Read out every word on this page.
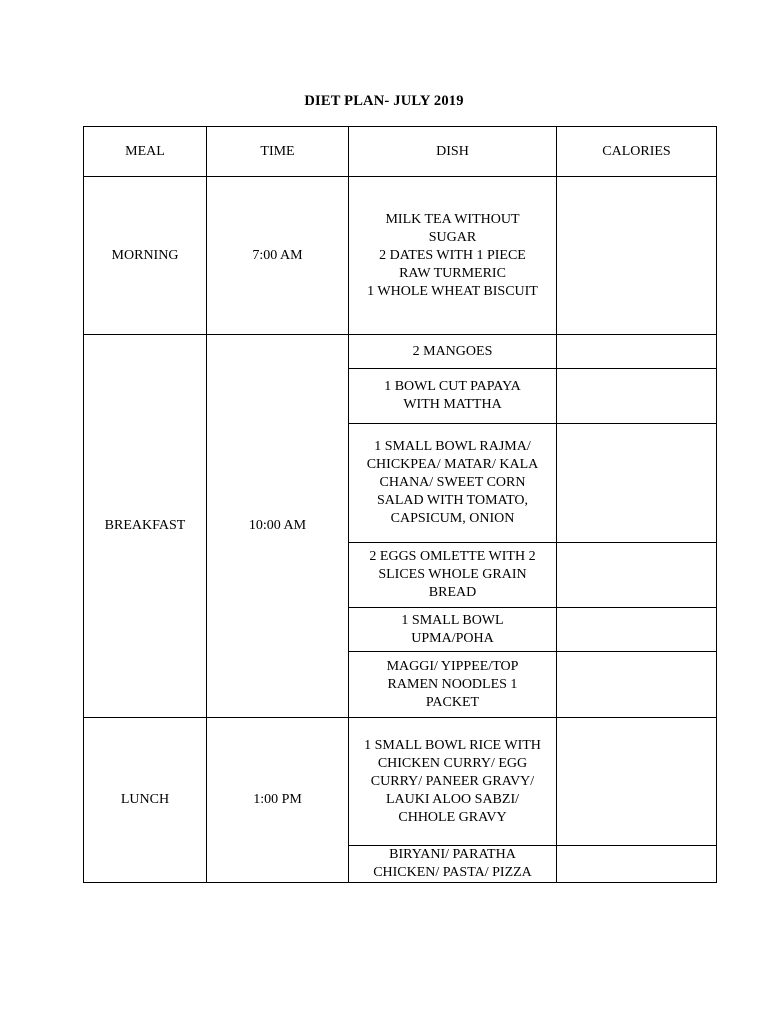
DIET PLAN- JULY 2019
MEAL	TIME	DISH	CALORIES
MORNING	7:00 AM	MILK TEA WITHOUT
SUGAR
2 DATES WITH 1 PIECE
RAW TURMERIC
1 WHOLE WHEAT BISCUIT	
BREAKFAST	10:00 AM	2 MANGOES	
		1 BOWL CUT PAPAYA
WITH MATTHA	
		1 SMALL BOWL RAJMA/
CHICKPEA/ MATAR/ KALA
CHANA/ SWEET CORN
SALAD WITH TOMATO,
CAPSICUM, ONION	
		2 EGGS OMLETTE WITH 2
SLICES WHOLE GRAIN
BREAD	
		1 SMALL BOWL
UPMA/POHA	
		MAGGI/ YIPPEE/TOP
RAMEN NOODLES 1
PACKET	
LUNCH	1:00 PM	1 SMALL BOWL RICE WITH
CHICKEN CURRY/ EGG
CURRY/ PANEER GRAVY/
LAUKI ALOO SABZI/
CHHOLE GRAVY	
		BIRYANI/ PARATHA
CHICKEN/ PASTA/ PIZZA	
